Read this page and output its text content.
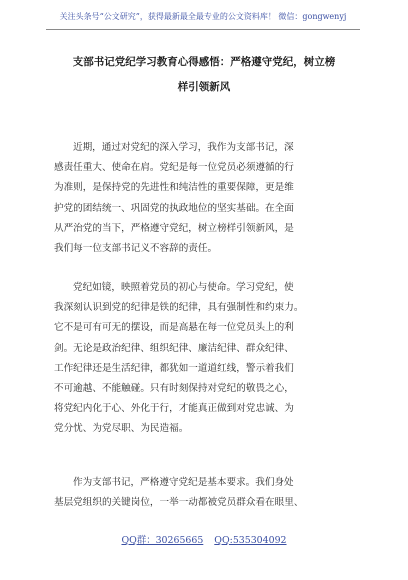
关注头条号“公文研究”，获得最新最全最专业的公文资料库！ 微信：gongwenyj
支部书记党纪学习教育心得感悟：严格遵守党纪，树立榜
样引领新风

近期，通过对党纪的深入学习，我作为支部书记，深
感责任重大、使命在肩。党纪是每一位党员必须遵循的行
为准则，是保持党的先进性和纯洁性的重要保障，更是维
护党的团结统一、巩固党的执政地位的坚实基础。在全面
从严治党的当下，严格遵守党纪，树立榜样引领新风，是
我们每一位支部书记义不容辞的责任。

党纪如镜，映照着党员的初心与使命。学习党纪，使
我深刻认识到党的纪律是铁的纪律，具有强制性和约束力。
它不是可有可无的摆设，而是高悬在每一位党员头上的利
剑。无论是政治纪律、组织纪律、廉洁纪律、群众纪律、
工作纪律还是生活纪律，都犹如一道道红线，警示着我们
不可逾越、不能触碰。只有时刻保持对党纪的敬畏之心，
将党纪内化于心、外化于行，才能真正做到对党忠诚、为
党分忧、为党尽职、为民造福。

作为支部书记，严格遵守党纪是基本要求。我们身处
基层党组织的关键岗位，一举一动都被党员群众看在眼里、

QQ群：30265665 QQ:535304092
